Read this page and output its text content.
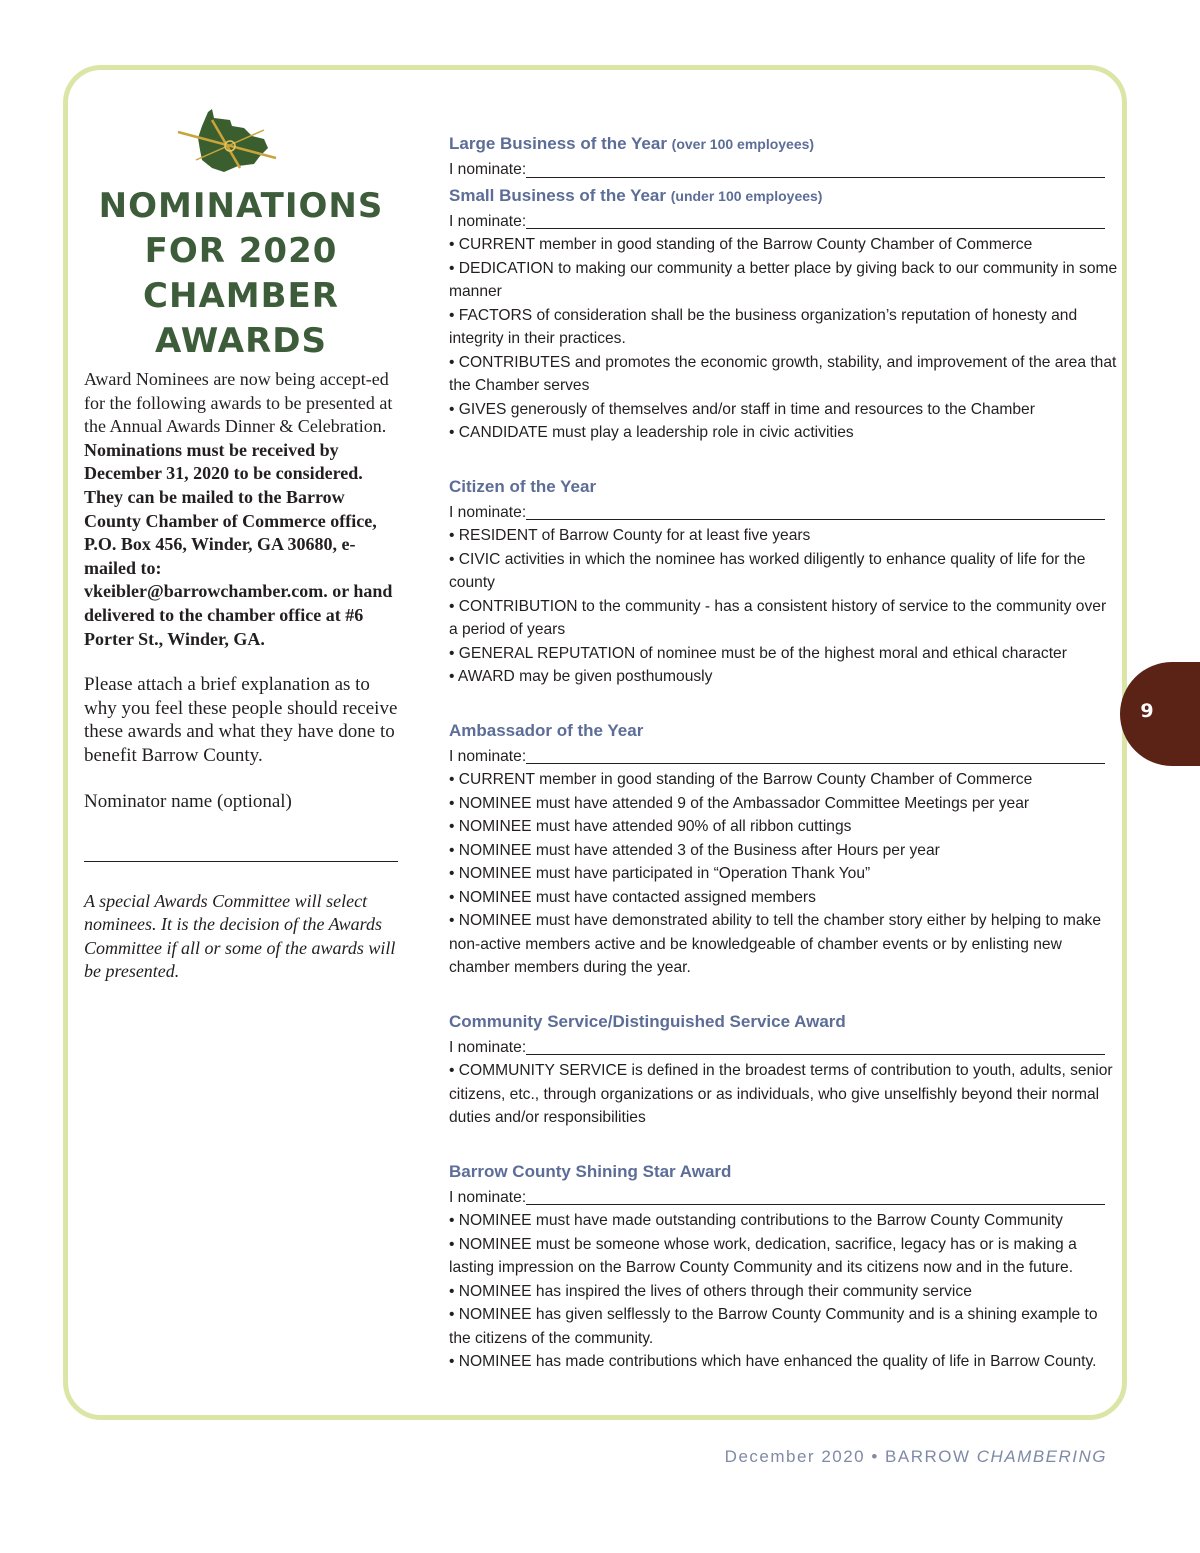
NOMINATIONS FOR 2020 CHAMBER AWARDS

Award Nominees are now being accept-ed for the following awards to be presented at the Annual Awards Dinner & Celebration. Nominations must be received by December 31, 2020 to be considered. They can be mailed to the Barrow County Chamber of Commerce office, P.O. Box 456, Winder, GA 30680, e-mailed to: vkeibler@barrowchamber.com. or hand delivered to the chamber office at #6 Porter St., Winder, GA.

Please attach a brief explanation as to why you feel these people should receive these awards and what they have done to benefit Barrow County.

Nominator name (optional)

A special Awards Committee will select nominees. It is the decision of the Awards Committee if all or some of the awards will be presented.

Large Business of the Year (over 100 employees)

I nominate:

Small Business of the Year (under 100 employees)

I nominate:

• CURRENT member in good standing of the Barrow County Chamber of Commerce

• DEDICATION to making our community a better place by giving back to our community in some manner

• FACTORS of consideration shall be the business organization’s reputation of honesty and integrity in their practices.

• CONTRIBUTES and promotes the economic growth, stability, and improvement of the area that the Chamber serves

• GIVES generously of themselves and/or staff in time and resources to the Chamber

• CANDIDATE must play a leadership role in civic activities

Citizen of the Year

I nominate:

• RESIDENT of Barrow County for at least five years

• CIVIC activities in which the nominee has worked diligently to enhance quality of life for the county

• CONTRIBUTION to the community - has a consistent history of service to the community over a period of years

• GENERAL REPUTATION of nominee must be of the highest moral and ethical character

• AWARD may be given posthumously

Ambassador of the Year

I nominate:

• CURRENT member in good standing of the Barrow County Chamber of Commerce

• NOMINEE must have attended 9 of the Ambassador Committee Meetings per year

• NOMINEE must have attended 90% of all ribbon cuttings

• NOMINEE must have attended 3 of the Business after Hours per year

• NOMINEE must have participated in “Operation Thank You”

• NOMINEE must have contacted assigned members

• NOMINEE must have demonstrated ability to tell the chamber story either by helping to make non-active members active and be knowledgeable of chamber events or by enlisting new chamber members during the year.

Community Service/Distinguished Service Award

I nominate:

• COMMUNITY SERVICE is defined in the broadest terms of contribution to youth, adults, senior citizens, etc., through organizations or as individuals, who give unselfishly beyond their normal duties and/or responsibilities

Barrow County Shining Star Award

I nominate:

• NOMINEE must have made outstanding contributions to the Barrow County Community

• NOMINEE must be someone whose work, dedication, sacrifice, legacy has or is making a lasting impression on the Barrow County Community and its citizens now and in the future.

• NOMINEE has inspired the lives of others through their community service

• NOMINEE has given selflessly to the Barrow County Community and is a shining example to the citizens of the community.

• NOMINEE has made contributions which have enhanced the quality of life in Barrow County.

9
December 2020 • BARROW CHAMBERING
